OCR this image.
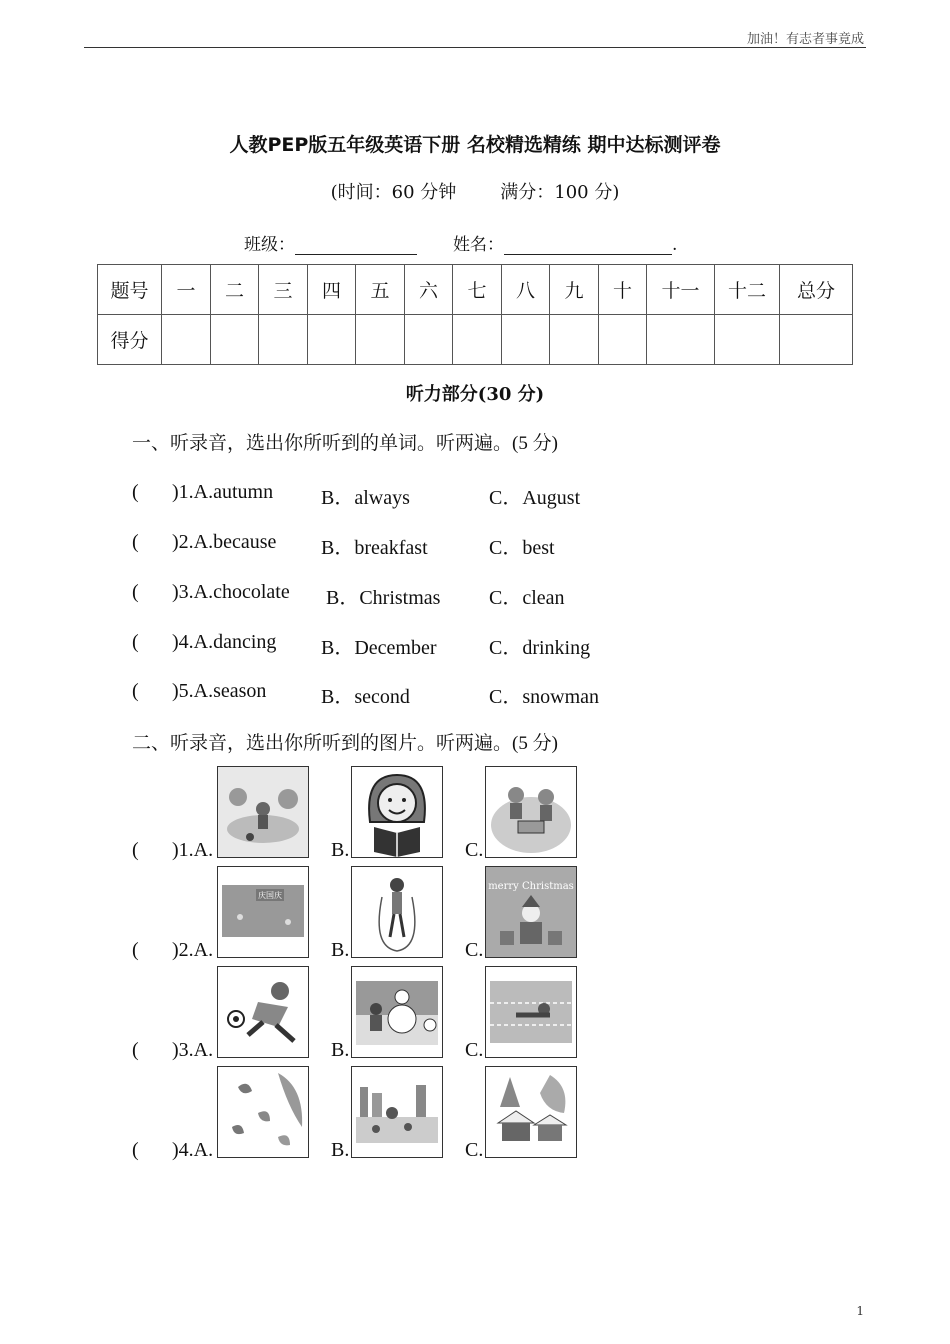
加油！有志者事竟成
人教PEP版五年级英语下册 名校精选精练 期中达标测评卷
(时间：60 分钟 满分：100 分)
班级：	姓名：	.
题号	一	二	三	四	五	六	七	八	九	十	十一	十二	总分
得分													
听力部分(30 分)
一、听录音，选出你所听到的单词。听两遍。(5 分)
( )1.A.autumn B．always	C．August
( )2.A.because B．breakfast	C．best
( )3.A.chocolate B．Christmas C．clean
( )4.A.dancing B．December	C．drinking
( )5.A.season	B．second	C．snowman
二、听录音，选出你所听到的图片。听两遍。(5 分)
( )1.A.	B.	C.
( )2.A.
庆国庆
B.	C.
merry Christmas
( )3.A.	B.	C.
( )4.A.	B.	C.
1
